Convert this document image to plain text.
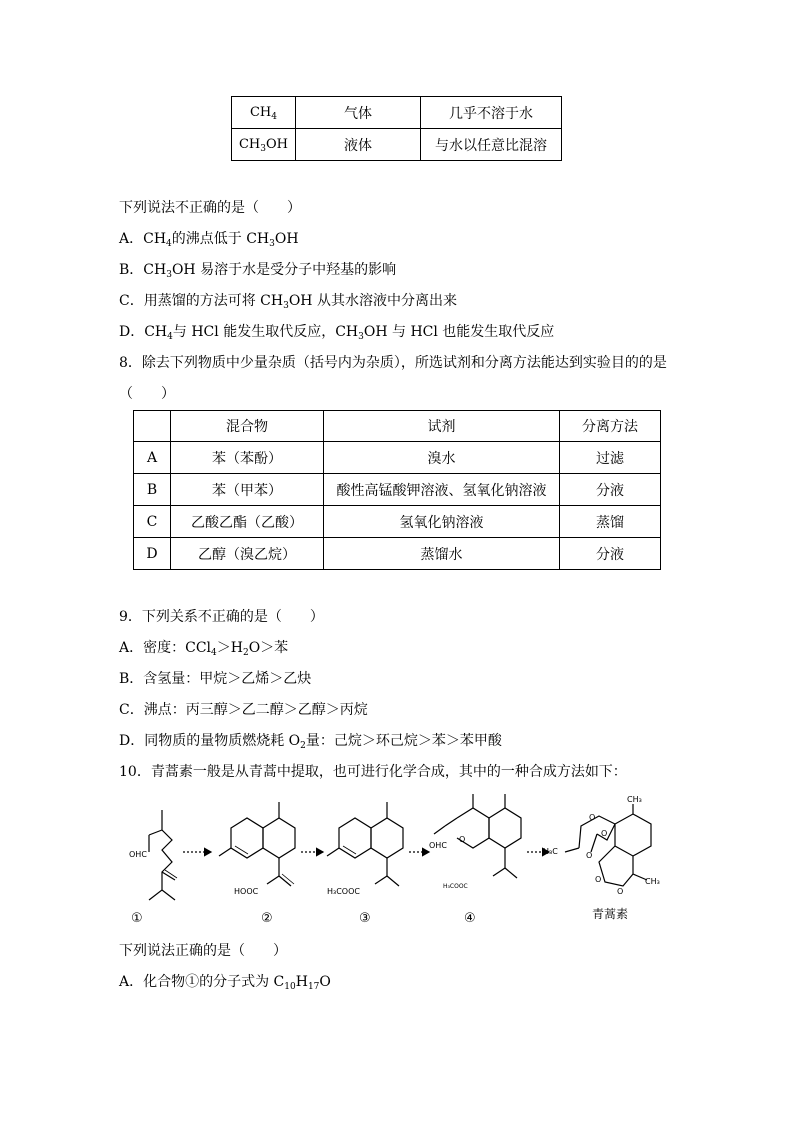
$CH_4$	气体	几乎不溶于水
$CH_3OH$	液体	与水以任意比混溶
下列说法不正确的是（　　）
A．$CH_4$的沸点低于 $CH_3OH$
B．$CH_3OH$ 易溶于水是受分子中羟基的影响
C．用蒸馏的方法可将 $CH_3OH$ 从其水溶液中分离出来
D．$CH_4$与 HCl 能发生取代反应，$CH_3OH$ 与 HCl 也能发生取代反应
8．除去下列物质中少量杂质（括号内为杂质），所选试剂和分离方法能达到实验目的的是
（　　）
	混合物	试剂	分离方法
A	苯（苯酚）	溴水	过滤
B	苯（甲苯）	酸性高锰酸钾溶液、氢氧化钠溶液	分液
C	乙酸乙酯（乙酸）	氢氧化钠溶液	蒸馏
D	乙醇（溴乙烷）	蒸馏水	分液
9．下列关系不正确的是（　　）
A．密度：$CCl_4>H_2O>$苯
B．含氢量：甲烷＞乙烯＞乙炔
C．沸点：丙三醇＞乙二醇＞乙醇＞丙烷
D．同物质的量物质燃烧耗 $O_2$量：己烷＞环己烷＞苯＞苯甲酸
10．青蒿素一般是从青蒿中提取，也可进行化学合成，其中的一种合成方法如下：
OHC
HOOC	H₃COOC
OHC
O
H₃COOC
CH₃
H₃C
O
O
O
O
O
CH₃
①	②	③	④	青蒿素
下列说法正确的是（　　）
A．化合物①的分子式为 $C_{10}H_{17}O$
